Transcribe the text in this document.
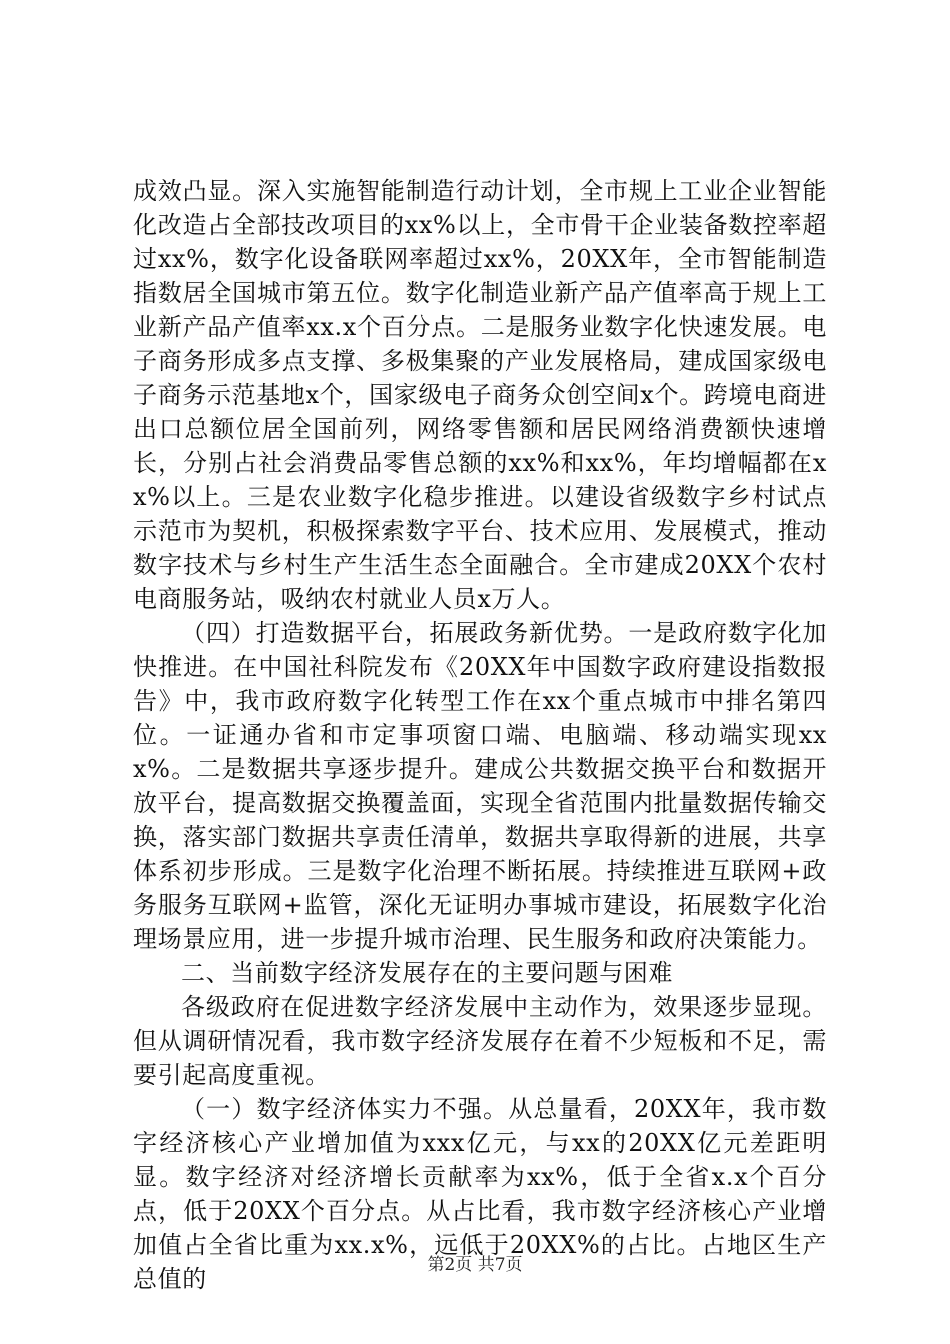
成效凸显。深入实施智能制造行动计划，全市规上工业企业智能化改造占全部技改项目的xx%以上，全市骨干企业装备数控率超过xx%，数字化设备联网率超过xx%，20XX年，全市智能制造指数居全国城市第五位。数字化制造业新产品产值率高于规上工业新产品产值率xx.x个百分点。二是服务业数字化快速发展。电子商务形成多点支撑、多极集聚的产业发展格局，建成国家级电子商务示范基地x个，国家级电子商务众创空间x个。跨境电商进出口总额位居全国前列，网络零售额和居民网络消费额快速增长，分别占社会消费品零售总额的xx%和xx%，年均增幅都在xx%以上。三是农业数字化稳步推进。以建设省级数字乡村试点示范市为契机，积极探索数字平台、技术应用、发展模式，推动数字技术与乡村生产生活生态全面融合。全市建成20XX个农村电商服务站，吸纳农村就业人员x万人。

（四）打造数据平台，拓展政务新优势。一是政府数字化加快推进。在中国社科院发布《20XX年中国数字政府建设指数报告》中，我市政府数字化转型工作在xx个重点城市中排名第四位。一证通办省和市定事项窗口端、电脑端、移动端实现xxx%。二是数据共享逐步提升。建成公共数据交换平台和数据开放平台，提高数据交换覆盖面，实现全省范围内批量数据传输交换，落实部门数据共享责任清单，数据共享取得新的进展，共享体系初步形成。三是数字化治理不断拓展。持续推进互联网+政务服务互联网+监管，深化无证明办事城市建设，拓展数字化治理场景应用，进一步提升城市治理、民生服务和政府决策能力。

二、当前数字经济发展存在的主要问题与困难

各级政府在促进数字经济发展中主动作为，效果逐步显现。但从调研情况看，我市数字经济发展存在着不少短板和不足，需要引起高度重视。

（一）数字经济体实力不强。从总量看，20XX年，我市数字经济核心产业增加值为xxx亿元，与xx的20XX亿元差距明显。数字经济对经济增长贡献率为xx%，低于全省x.x个百分点，低于20XX个百分点。从占比看，我市数字经济核心产业增加值占全省比重为xx.x%，远低于20XX%的占比。占地区生产总值的	第2页 共7页
